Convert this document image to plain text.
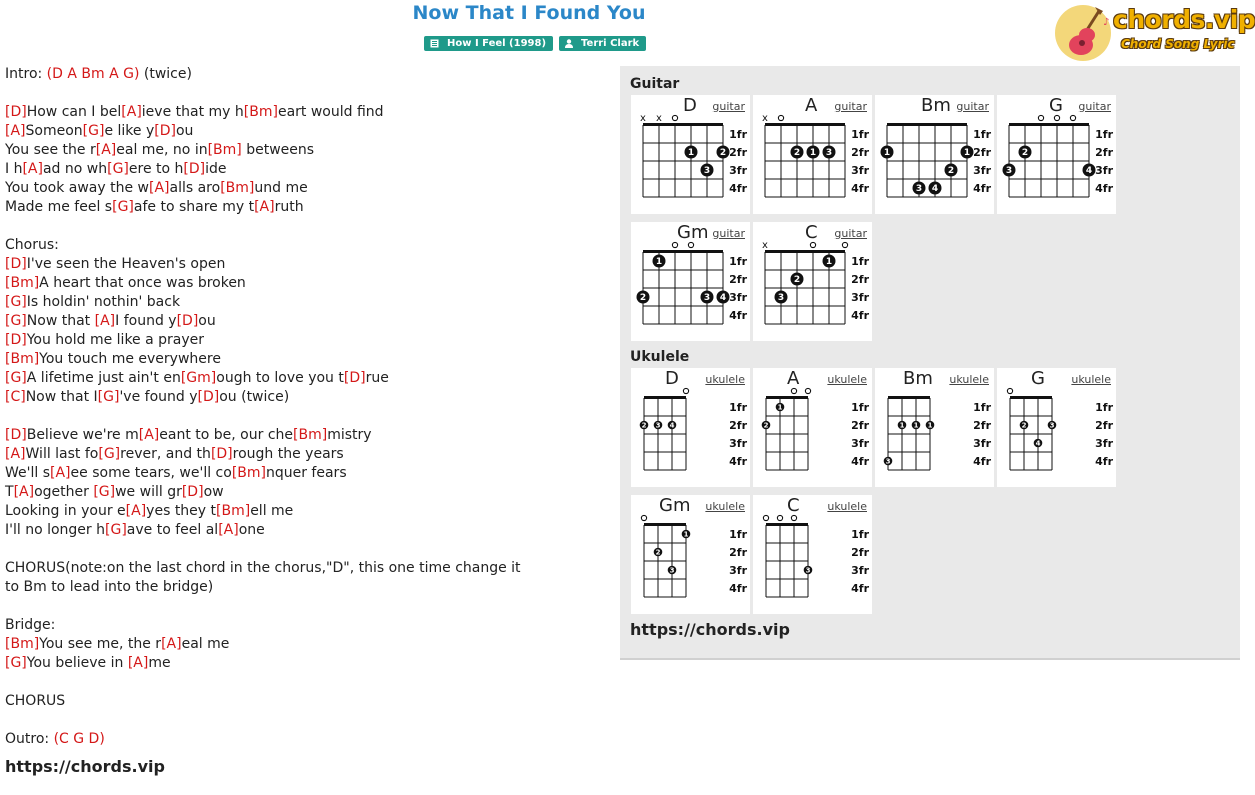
Now That I Found You
How I Feel (1998)	Terri Clark
♪ chords.vip
Chord Song Lyric
Intro: (D A Bm A G) (twice)
[D]How can I bel[A]ieve that my h[Bm]eart would find
[A]Someon[G]e like y[D]ou
You see the r[A]eal me, no in[Bm] betweens
I h[A]ad no wh[G]ere to h[D]ide
You took away the w[A]alls aro[Bm]und me
Made me feel s[G]afe to share my t[A]ruth
Chorus:
[D]I've seen the Heaven's open
[Bm]A heart that once was broken
[G]Is holdin' nothin' back
[G]Now that [A]I found y[D]ou
[D]You hold me like a prayer
[Bm]You touch me everywhere
[G]A lifetime just ain't en[Gm]ough to love you t[D]rue
[C]Now that I[G]'ve found y[D]ou (twice)
[D]Believe we're m[A]eant to be, our che[Bm]mistry
[A]Will last fo[G]rever, and th[D]rough the years
We'll s[A]ee some tears, we'll co[Bm]nquer fears
T[A]ogether [G]we will gr[D]ow
Looking in your e[A]yes they t[Bm]ell me
I'll no longer h[G]ave to feel al[A]one
CHORUS(note:on the last chord in the chorus,"D", this one time change it
to Bm to lead into the bridge)
Bridge:
[Bm]You see me, the r[A]eal me
[G]You believe in [A]me
CHORUS
Outro: (C G D)
https://chords.vip
Guitar
Ukulele
https://chords.vip
x x
1	2
3
1fr
2fr
3fr
4fr
D guitar
x
2 1 3
1fr
2fr
3fr
4fr
A guitar
1	1
2
3 4
1fr
2fr
3fr
4fr
Bm guitar
2
3	4
1fr
2fr
3fr
4fr
G guitar
1
2	3 4
1fr
2fr
3fr
4fr
Gm guitar
x
1
2
3
1fr
2fr
3fr
4fr
C guitar
2 3 4
1fr
2fr
3fr
4fr
D ukulele
1
2
1fr
2fr
3fr
4fr
A	ukulele
1 1 1
3
1fr
2fr
3fr
4fr
Bm ukulele
2	3
4
1fr
2fr
3fr
4fr
G ukulele
1
2
3
1fr
2fr
3fr
4fr
Gm ukulele
3
1fr
2fr
3fr
4fr
C	ukulele
